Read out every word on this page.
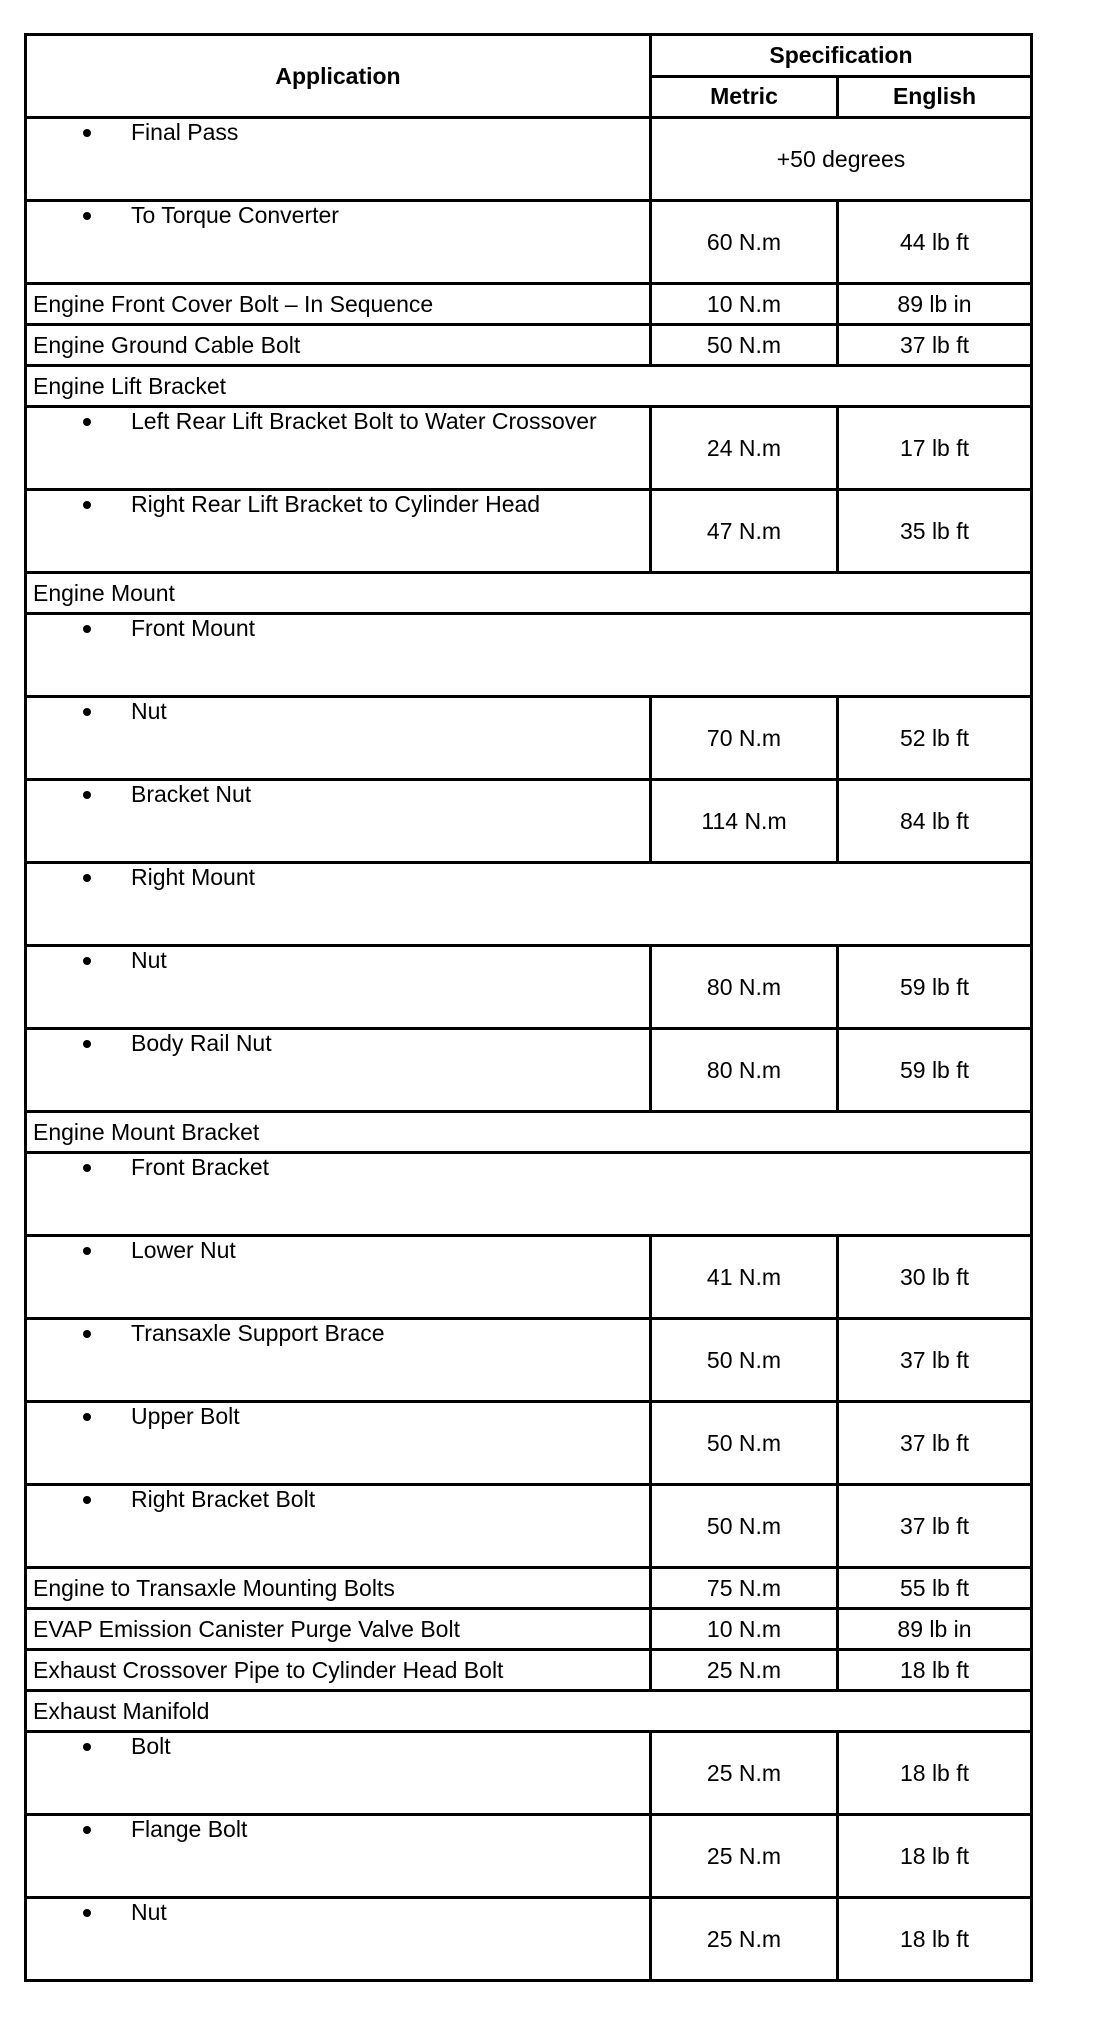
Application	Specification	
	Metric	English

Final Pass	+50 degrees	

To Torque Converter	60 N.m	44 lb ft
Engine Front Cover Bolt – In Sequence	10 N.m	89 lb in
Engine Ground Cable Bolt	50 N.m	37 lb ft
Engine Lift Bracket		

Left Rear Lift Bracket Bolt to Water Crossover	24 N.m	17 lb ft

Right Rear Lift Bracket to Cylinder Head	47 N.m	35 lb ft
Engine Mount		

Front Mount		

Nut	70 N.m	52 lb ft

Bracket Nut	114 N.m	84 lb ft

Right Mount		

Nut	80 N.m	59 lb ft

Body Rail Nut	80 N.m	59 lb ft
Engine Mount Bracket		

Front Bracket		

Lower Nut	41 N.m	30 lb ft

Transaxle Support Brace	50 N.m	37 lb ft

Upper Bolt	50 N.m	37 lb ft

Right Bracket Bolt	50 N.m	37 lb ft
Engine to Transaxle Mounting Bolts	75 N.m	55 lb ft
EVAP Emission Canister Purge Valve Bolt	10 N.m	89 lb in
Exhaust Crossover Pipe to Cylinder Head Bolt	25 N.m	18 lb ft
Exhaust Manifold		

Bolt	25 N.m	18 lb ft

Flange Bolt	25 N.m	18 lb ft

Nut	25 N.m	18 lb ft
